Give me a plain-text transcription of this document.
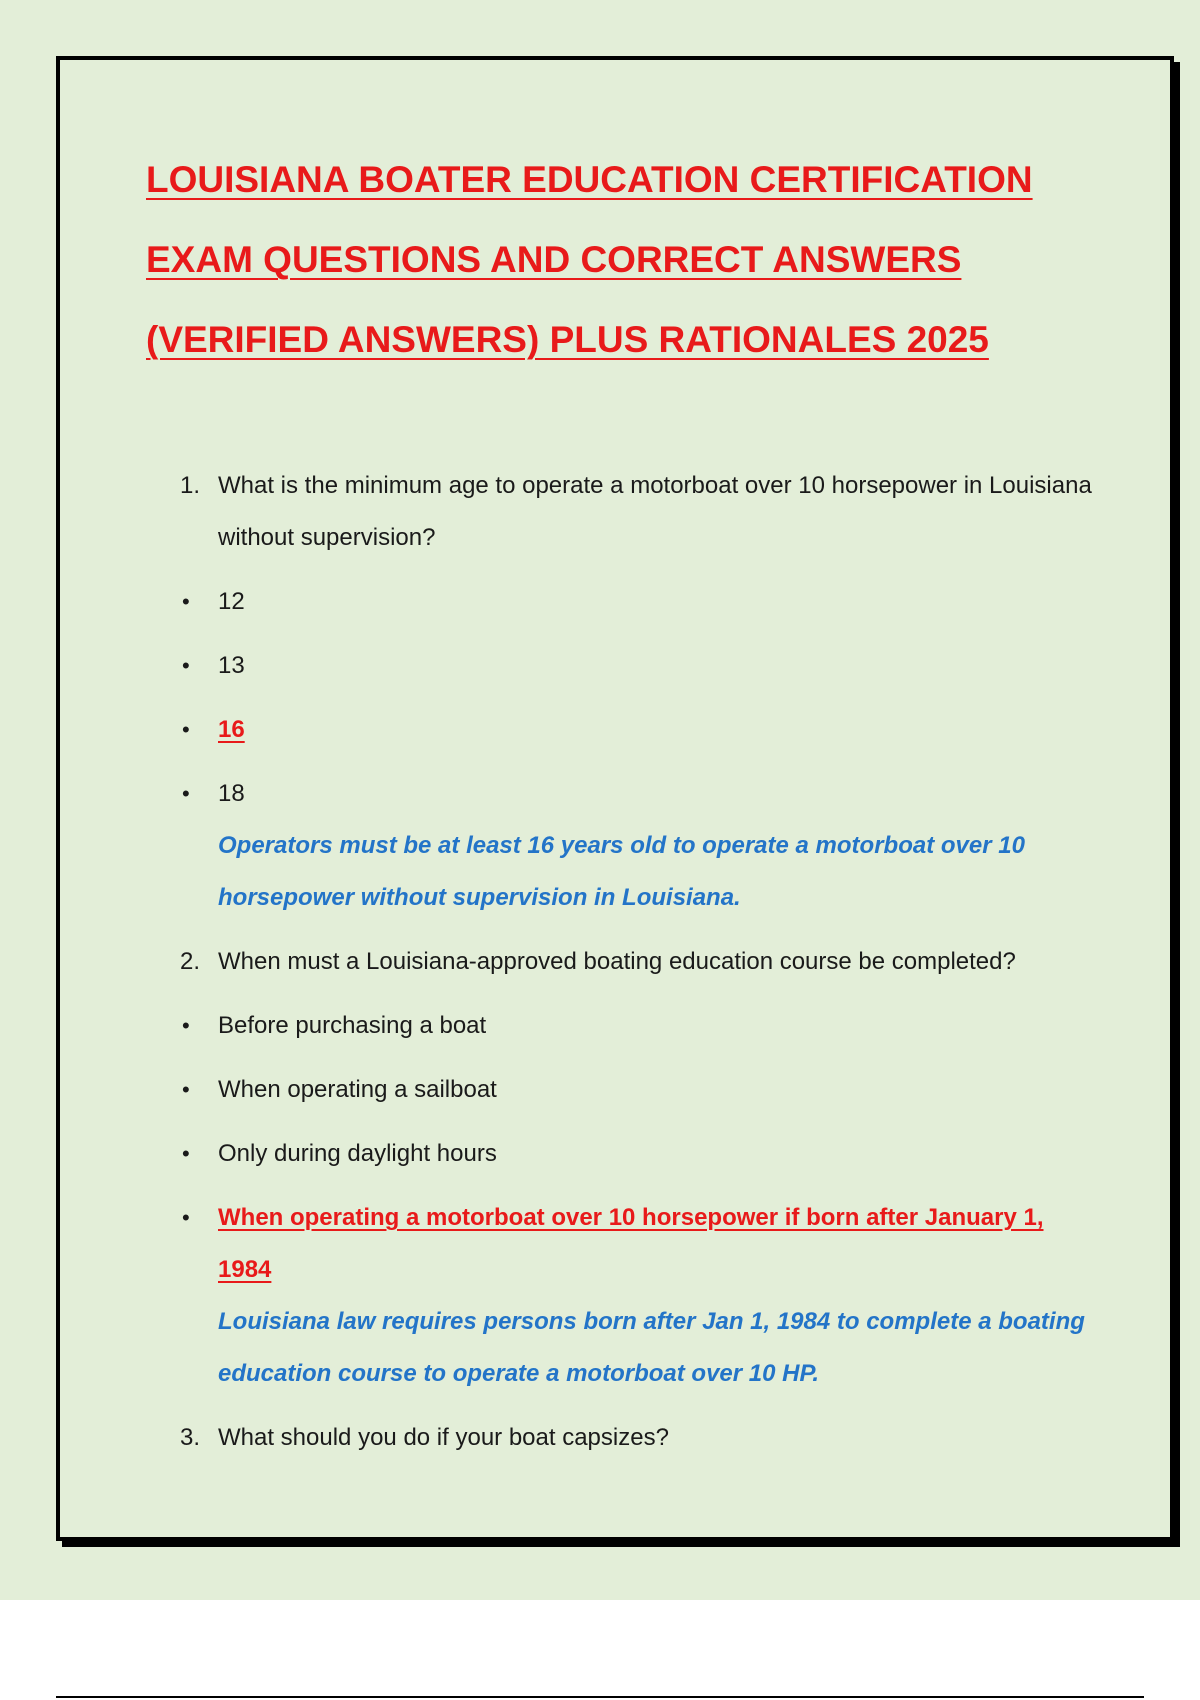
LOUISIANA BOATER EDUCATION CERTIFICATION
EXAM QUESTIONS AND CORRECT ANSWERS
(VERIFIED ANSWERS) PLUS RATIONALES 2025
1. What is the minimum age to operate a motorboat over 10 horsepower in Louisiana without supervision?
• 12
• 13
• 16
• 18
Operators must be at least 16 years old to operate a motorboat over 10 horsepower without supervision in Louisiana.
2. When must a Louisiana-approved boating education course be completed?
• Before purchasing a boat
• When operating a sailboat
• Only during daylight hours
• When operating a motorboat over 10 horsepower if born after January 1, 1984
Louisiana law requires persons born after Jan 1, 1984 to complete a boating education course to operate a motorboat over 10 HP.
3. What should you do if your boat capsizes?
